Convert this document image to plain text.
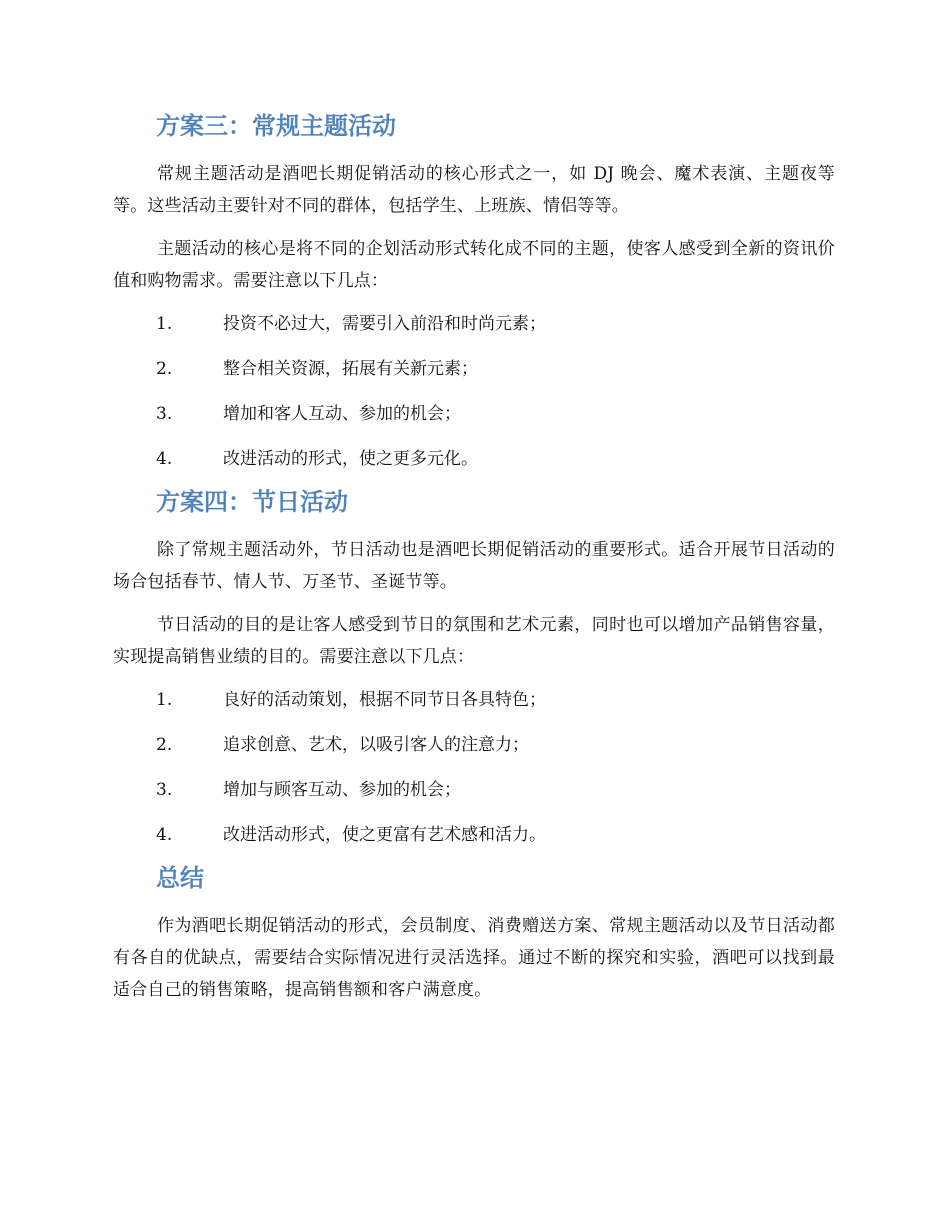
方案三：常规主题活动

常规主题活动是酒吧长期促销活动的核心形式之一，如 DJ 晚会、魔术表演、主题夜等等。这些活动主要针对不同的群体，包括学生、上班族、情侣等等。

主题活动的核心是将不同的企划活动形式转化成不同的主题，使客人感受到全新的资讯价值和购物需求。需要注意以下几点：

1.	投资不必过大，需要引入前沿和时尚元素；
2.	整合相关资源，拓展有关新元素；
3.	增加和客人互动、参加的机会；
4.	改进活动的形式，使之更多元化。
方案四：节日活动

除了常规主题活动外，节日活动也是酒吧长期促销活动的重要形式。适合开展节日活动的场合包括春节、情人节、万圣节、圣诞节等。

节日活动的目的是让客人感受到节日的氛围和艺术元素，同时也可以增加产品销售容量，实现提高销售业绩的目的。需要注意以下几点：

1.	良好的活动策划，根据不同节日各具特色；
2.	追求创意、艺术，以吸引客人的注意力；
3.	增加与顾客互动、参加的机会；
4.	改进活动形式，使之更富有艺术感和活力。
总结

作为酒吧长期促销活动的形式，会员制度、消费赠送方案、常规主题活动以及节日活动都有各自的优缺点，需要结合实际情况进行灵活选择。通过不断的探究和实验，酒吧可以找到最适合自己的销售策略，提高销售额和客户满意度。
